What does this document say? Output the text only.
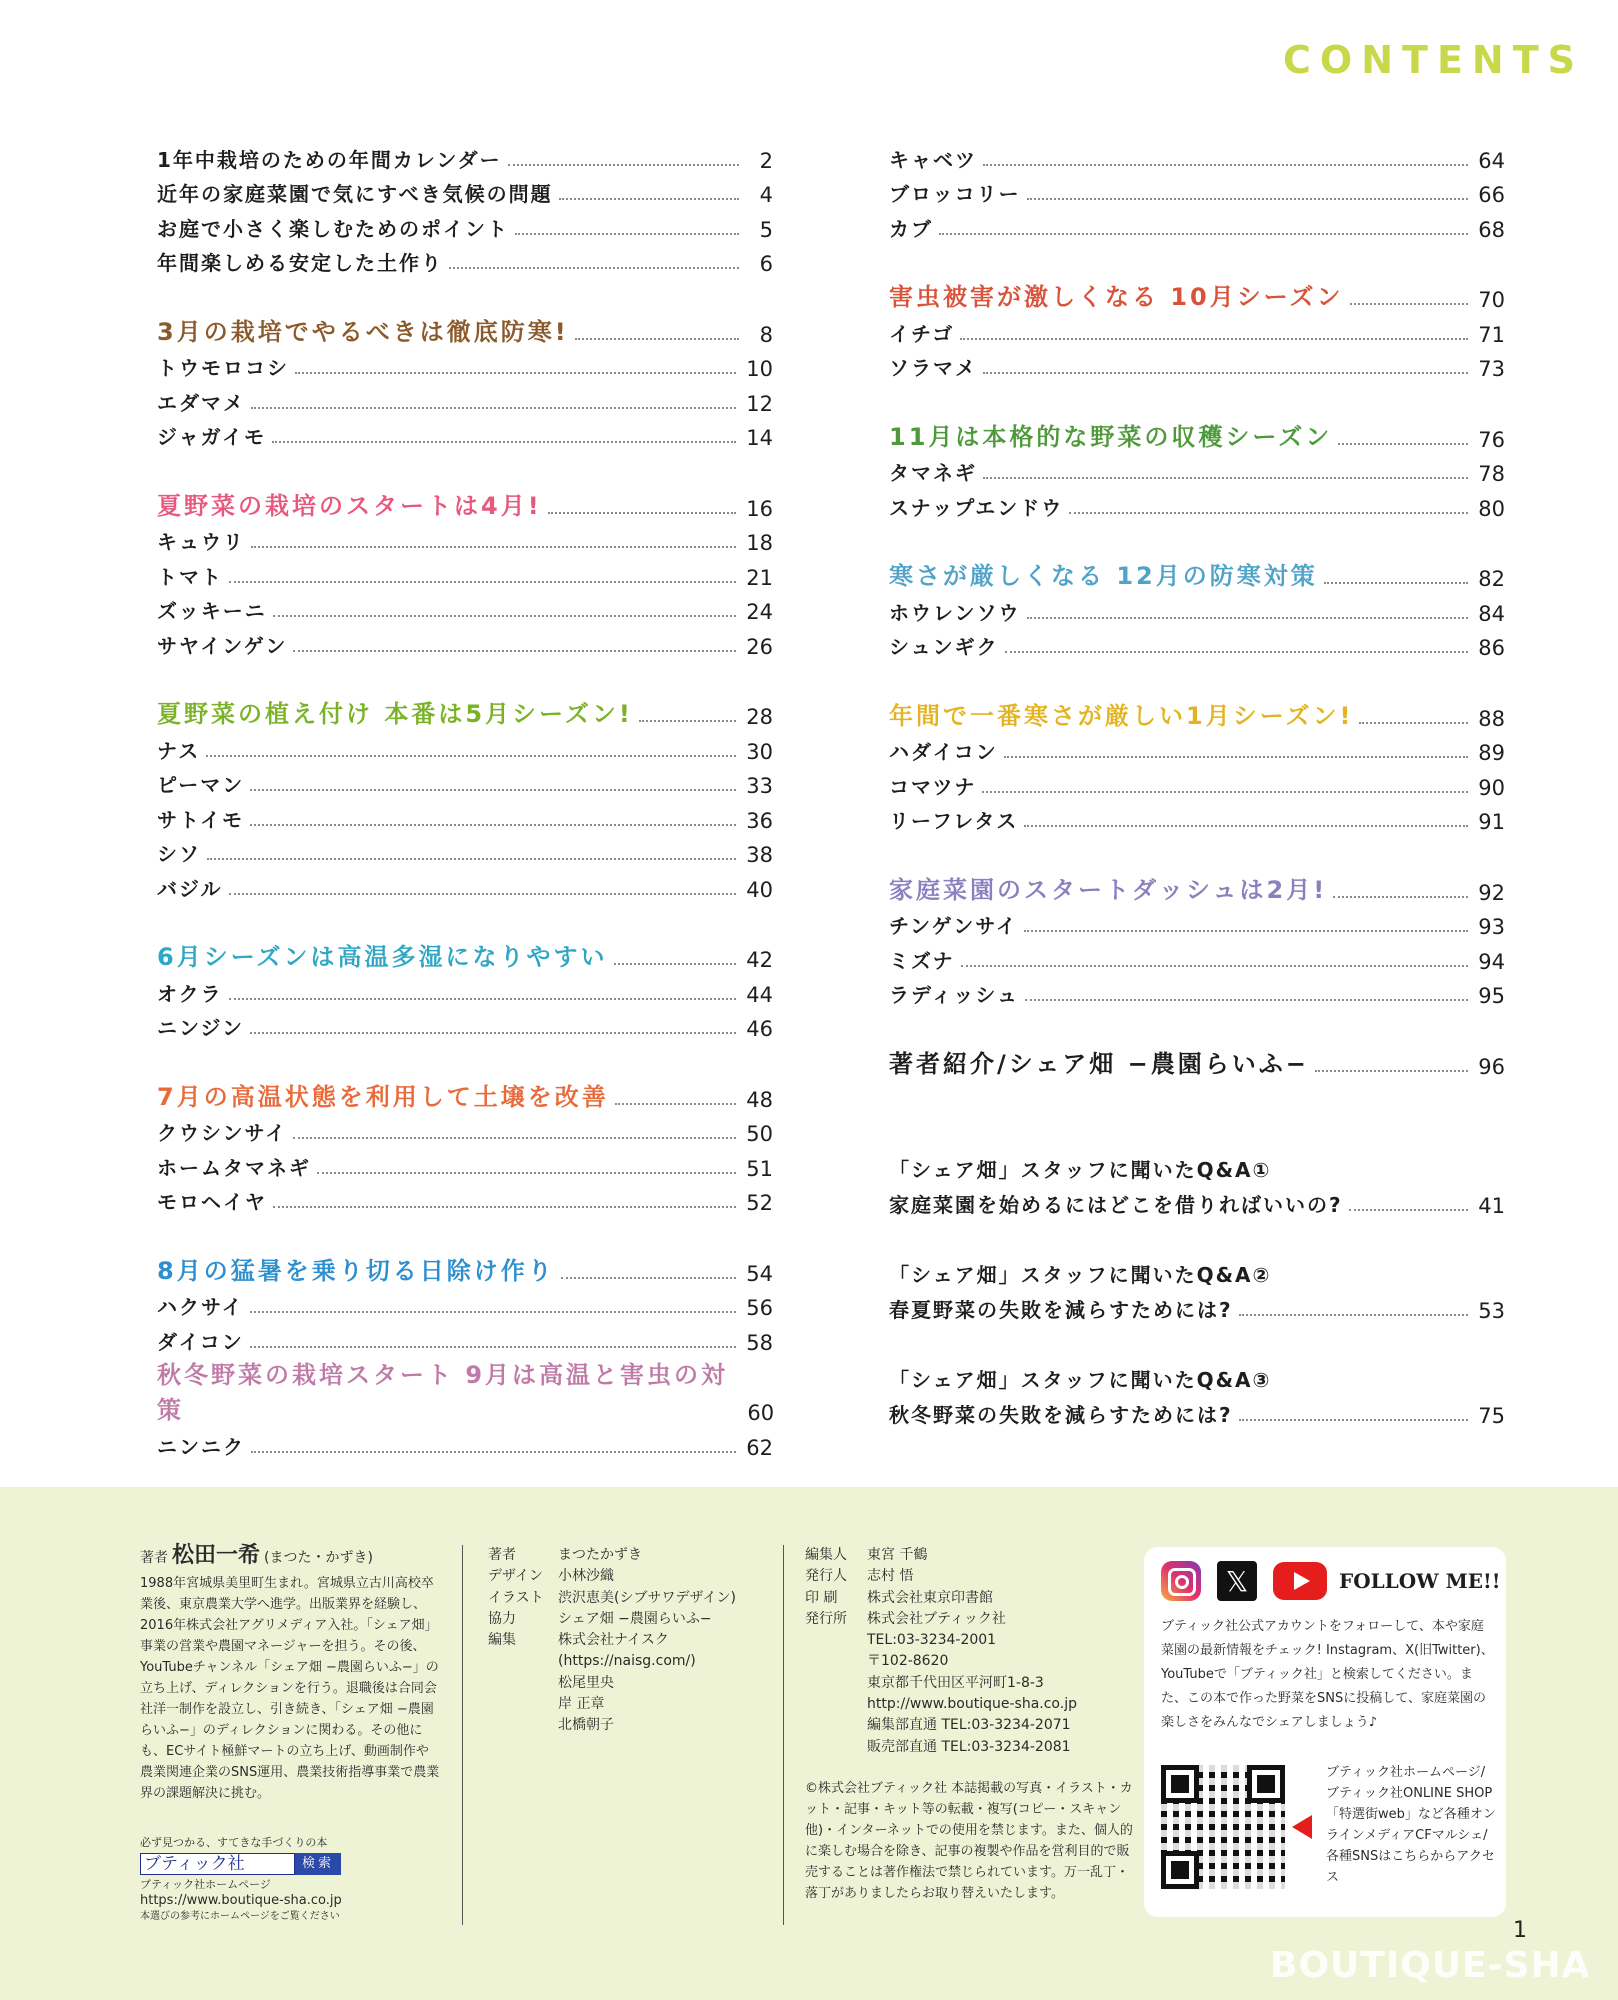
CONTENTS
1年中栽培のための年間カレンダー	2
近年の家庭菜園で気にすべき気候の問題	4
お庭で小さく楽しむためのポイント	5
年間楽しめる安定した土作り	6
3月の栽培でやるべきは徹底防寒!	8
トウモロコシ	10
エダマメ	12
ジャガイモ	14
夏野菜の栽培のスタートは4月!	16
キュウリ	18
トマト	21
ズッキーニ	24
サヤインゲン	26
夏野菜の植え付け 本番は5月シーズン!	28
ナス	30
ピーマン	33
サトイモ	36
シソ	38
バジル	40
6月シーズンは高温多湿になりやすい	42
オクラ	44
ニンジン	46
7月の高温状態を利用して土壌を改善	48
クウシンサイ	50
ホームタマネギ	51
モロヘイヤ	52
8月の猛暑を乗り切る日除け作り	54
ハクサイ	56
ダイコン	58
秋冬野菜の栽培スタート 9月は高温と害虫の対策	60
ニンニク	62
キャベツ	64
ブロッコリー	66
カブ	68
害虫被害が激しくなる 10月シーズン	70
イチゴ	71
ソラマメ	73
11月は本格的な野菜の収穫シーズン	76
タマネギ	78
スナップエンドウ	80
寒さが厳しくなる 12月の防寒対策	82
ホウレンソウ	84
シュンギク	86
年間で一番寒さが厳しい1月シーズン!	88
ハダイコン	89
コマツナ	90
リーフレタス	91
家庭菜園のスタートダッシュは2月!	92
チンゲンサイ	93
ミズナ	94
ラディッシュ	95
著者紹介/シェア畑 −農園らいふ−	96
「シェア畑」スタッフに聞いたQ&A①
家庭菜園を始めるにはどこを借りればいいの?	41
「シェア畑」スタッフに聞いたQ&A②
春夏野菜の失敗を減らすためには?	53
「シェア畑」スタッフに聞いたQ&A③
秋冬野菜の失敗を減らすためには?	75
著者 松田一希 (まつた・かずき)
1988年宮城県美里町生まれ。宮城県立古川高校卒業後、東京農業大学へ進学。出版業界を経験し、2016年株式会社アグリメディア入社。「シェア畑」事業の営業や農園マネージャーを担う。その後、YouTubeチャンネル「シェア畑 −農園らいふ−」の立ち上げ、ディレクションを行う。退職後は合同会社洋一制作を設立し、引き続き、「シェア畑 −農園らいふ−」のディレクションに関わる。その他にも、ECサイト極鮮マートの立ち上げ、動画制作や農業関連企業のSNS運用、農業技術指導事業で農業界の課題解決に挑む。
必ず見つかる、すてきな手づくりの本
ブティック社	検索
ブティック社ホームページ
https://www.boutique-sha.co.jp
本選びの参考にホームページをご覧ください
著者	まつたかずき
デザイン	小林沙織
イラスト	渋沢恵美(シブサワデザイン)
協力	シェア畑 −農園らいふ−
編集	株式会社ナイスク
(https://naisg.com/)
松尾里央
岸 正章
北橋朝子
編集人	東宮 千鶴
発行人	志村 悟
印 刷	株式会社東京印書館
発行所	株式会社ブティック社
TEL:03-3234-2001
〒102-8620
東京都千代田区平河町1-8-3
http://www.boutique-sha.co.jp
編集部直通 TEL:03-3234-2071
販売部直通 TEL:03-3234-2081
©株式会社ブティック社 本誌掲載の写真・イラスト・カット・記事・キット等の転載・複写(コピー・スキャン他)・インターネットでの使用を禁じます。また、個人的に楽しむ場合を除き、記事の複製や作品を営利目的で販売することは著作権法で禁じられています。万一乱丁・落丁がありましたらお取り替えいたします。
𝕏	FOLLOW ME!!
ブティック社公式アカウントをフォローして、本や家庭菜園の最新情報をチェック! Instagram、X(旧Twitter)、YouTubeで「ブティック社」と検索してください。また、この本で作った野菜をSNSに投稿して、家庭菜園の楽しさをみんなでシェアしましょう♪
ブティック社ホームページ/ブティック社ONLINE SHOP「特選街web」など各種オンラインメディアCFマルシェ/各種SNSはこちらからアクセス
1
BOUTIQUE-SHA
